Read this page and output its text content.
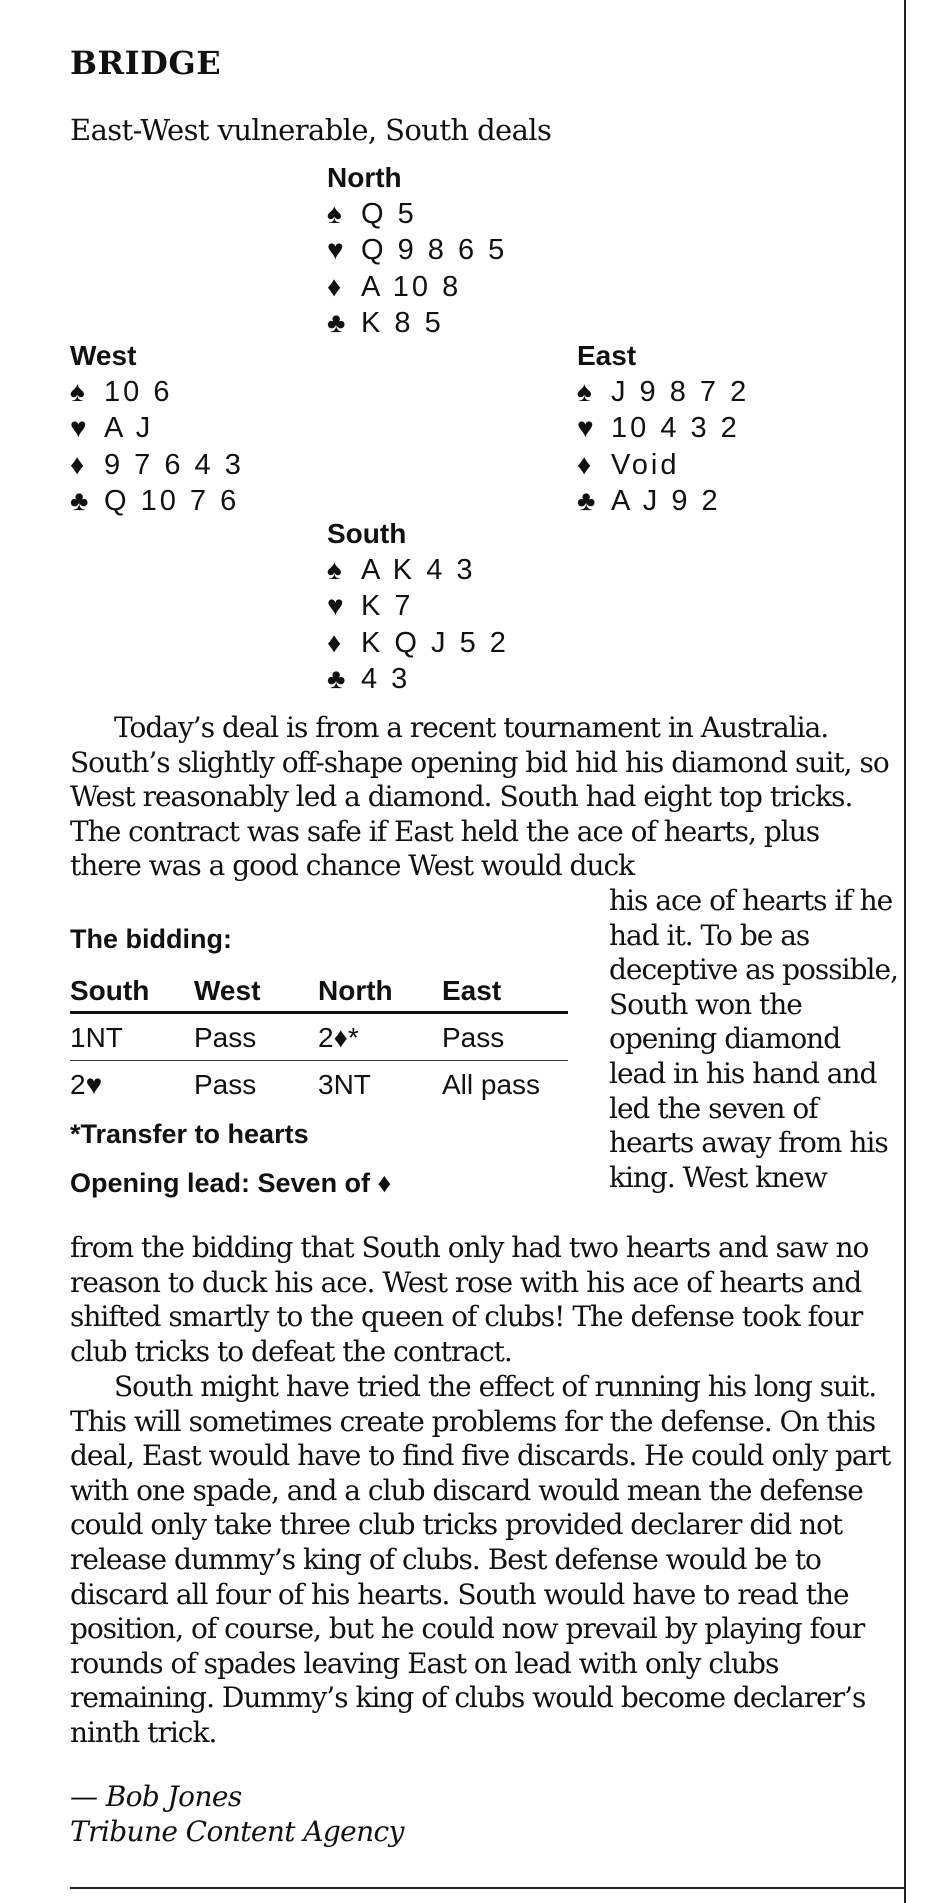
BRIDGE
East-West vulnerable, South deals
North
♠ Q 5
♥ Q 9 8 6 5
♦ A 10 8
♣ K 8 5
West
♠ 10 6
♥ A J
♦ 9 7 6 4 3
♣ Q 10 7 6
East
♠ J 9 8 7 2
♥ 10 4 3 2
♦ Void
♣ A J 9 2
South
♠ A K 4 3
♥ K 7
♦ K Q J 5 2
♣ 4 3

Today’s deal is from a recent tournament in Australia. South’s slightly off-shape opening bid hid his diamond suit, so West reasonably led a diamond. South had eight top tricks. The contract was safe if East held the ace of hearts, plus there was a good chance West would duck

his ace of hearts if he had it. To be as deceptive as possible, South won the opening diamond lead in his hand and led the seven of hearts away from his king. West knew
from the bidding that South only had two hearts and saw no reason to duck his ace. West rose with his ace of hearts and shifted smartly to the queen of clubs! The defense took four club tricks to defeat the contract.
The bidding:
South	West	North	East
1NT	Pass	2♦*	Pass
2♥	Pass	3NT	All pass
*Transfer to hearts
Opening lead: Seven of ♦

South might have tried the effect of running his long suit. This will sometimes create problems for the defense. On this deal, East would have to find five discards. He could only part with one spade, and a club discard would mean the defense could only take three club tricks provided declarer did not release dummy’s king of clubs. Best defense would be to discard all four of his hearts. South would have to read the position, of course, but he could now prevail by playing four rounds of spades leaving East on lead with only clubs remaining. Dummy’s king of clubs would become declarer’s ninth trick.

— Bob Jones
Tribune Content Agency
